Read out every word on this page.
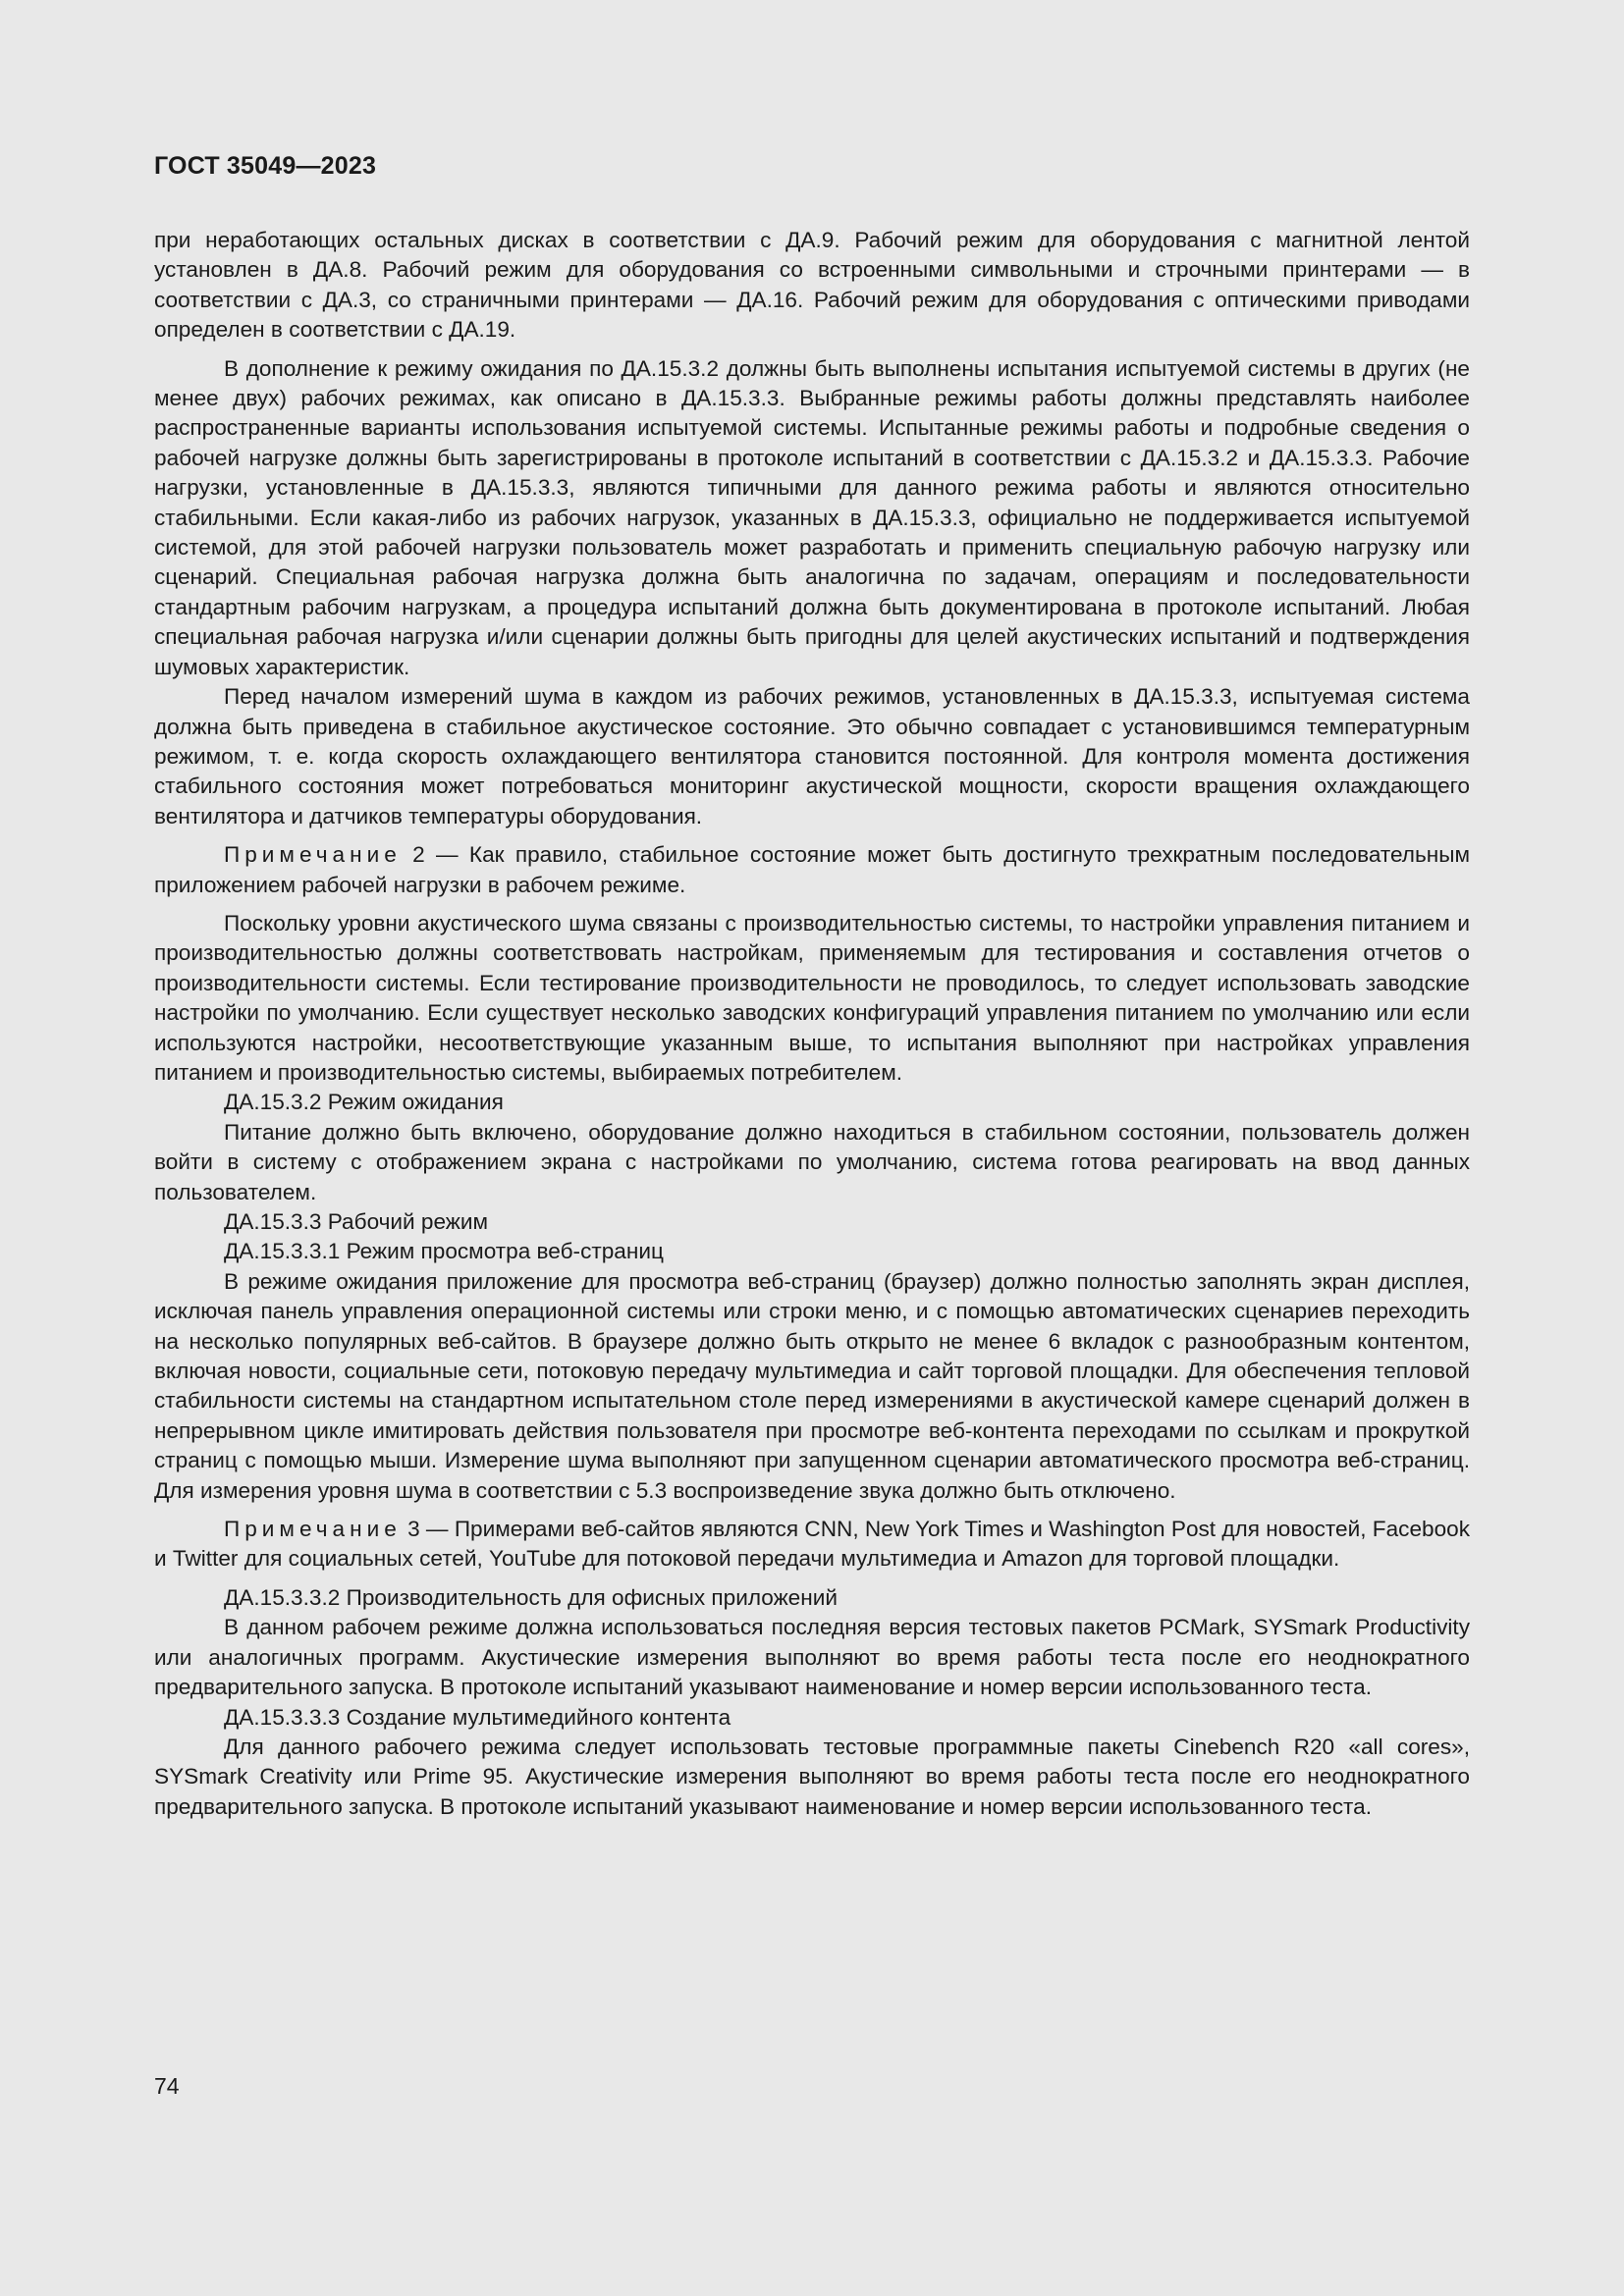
ГОСТ 35049—2023

при неработающих остальных дисках в соответствии с ДА.9. Рабочий режим для оборудования с магнитной лентой установлен в ДА.8. Рабочий режим для оборудования со встроенными символьными и строчными принтерами — в соответствии с ДА.3, со страничными принтерами — ДА.16. Рабочий режим для оборудования с оптическими приводами определен в соответствии с ДА.19.

В дополнение к режиму ожидания по ДА.15.3.2 должны быть выполнены испытания испытуемой системы в других (не менее двух) рабочих режимах, как описано в ДА.15.3.3. Выбранные режимы работы должны представлять наиболее распространенные варианты использования испытуемой системы. Испытанные режимы работы и подробные сведения о рабочей нагрузке должны быть зарегистрированы в протоколе испытаний в соответствии с ДА.15.3.2 и ДА.15.3.3. Рабочие нагрузки, установленные в ДА.15.3.3, являются типичными для данного режима работы и являются относительно стабильными. Если какая-либо из рабочих нагрузок, указанных в ДА.15.3.3, официально не поддерживается испытуемой системой, для этой рабочей нагрузки пользователь может разработать и применить специальную рабочую нагрузку или сценарий. Специальная рабочая нагрузка должна быть аналогична по задачам, операциям и последовательности стандартным рабочим нагрузкам, а процедура испытаний должна быть документирована в протоколе испытаний. Любая специальная рабочая нагрузка и/или сценарии должны быть пригодны для целей акустических испытаний и подтверждения шумовых характеристик.

Перед началом измерений шума в каждом из рабочих режимов, установленных в ДА.15.3.3, испытуемая система должна быть приведена в стабильное акустическое состояние. Это обычно совпадает с установившимся температурным режимом, т. е. когда скорость охлаждающего вентилятора становится постоянной. Для контроля момента достижения стабильного состояния может потребоваться мониторинг акустической мощности, скорости вращения охлаждающего вентилятора и датчиков температуры оборудования.

Примечание 2 — Как правило, стабильное состояние может быть достигнуто трехкратным последовательным приложением рабочей нагрузки в рабочем режиме.

Поскольку уровни акустического шума связаны с производительностью системы, то настройки управления питанием и производительностью должны соответствовать настройкам, применяемым для тестирования и составления отчетов о производительности системы. Если тестирование производительности не проводилось, то следует использовать заводские настройки по умолчанию. Если существует несколько заводских конфигураций управления питанием по умолчанию или если используются настройки, несоответствующие указанным выше, то испытания выполняют при настройках управления питанием и производительностью системы, выбираемых потребителем.

ДА.15.3.2 Режим ожидания

Питание должно быть включено, оборудование должно находиться в стабильном состоянии, пользователь должен войти в систему с отображением экрана с настройками по умолчанию, система готова реагировать на ввод данных пользователем.

ДА.15.3.3 Рабочий режим

ДА.15.3.3.1 Режим просмотра веб-страниц

В режиме ожидания приложение для просмотра веб-страниц (браузер) должно полностью заполнять экран дисплея, исключая панель управления операционной системы или строки меню, и с помощью автоматических сценариев переходить на несколько популярных веб-сайтов. В браузере должно быть открыто не менее 6 вкладок с разнообразным контентом, включая новости, социальные сети, потоковую передачу мультимедиа и сайт торговой площадки. Для обеспечения тепловой стабильности системы на стандартном испытательном столе перед измерениями в акустической камере сценарий должен в непрерывном цикле имитировать действия пользователя при просмотре веб-контента переходами по ссылкам и прокруткой страниц с помощью мыши. Измерение шума выполняют при запущенном сценарии автоматического просмотра веб-страниц. Для измерения уровня шума в соответствии с 5.3 воспроизведение звука должно быть отключено.

Примечание 3 — Примерами веб-сайтов являются CNN, New York Times и Washington Post для новостей, Facebook и Twitter для социальных сетей, YouTube для потоковой передачи мультимедиа и Amazon для торговой площадки.

ДА.15.3.3.2 Производительность для офисных приложений

В данном рабочем режиме должна использоваться последняя версия тестовых пакетов PCMark, SYSmark Productivity или аналогичных программ. Акустические измерения выполняют во время работы теста после его неоднократного предварительного запуска. В протоколе испытаний указывают наименование и номер версии использованного теста.

ДА.15.3.3.3 Создание мультимедийного контента

Для данного рабочего режима следует использовать тестовые программные пакеты Cinebench R20 «all cores», SYSmark Creativity или Prime 95. Акустические измерения выполняют во время работы теста после его неоднократного предварительного запуска. В протоколе испытаний указывают наименование и номер версии использованного теста.

74
